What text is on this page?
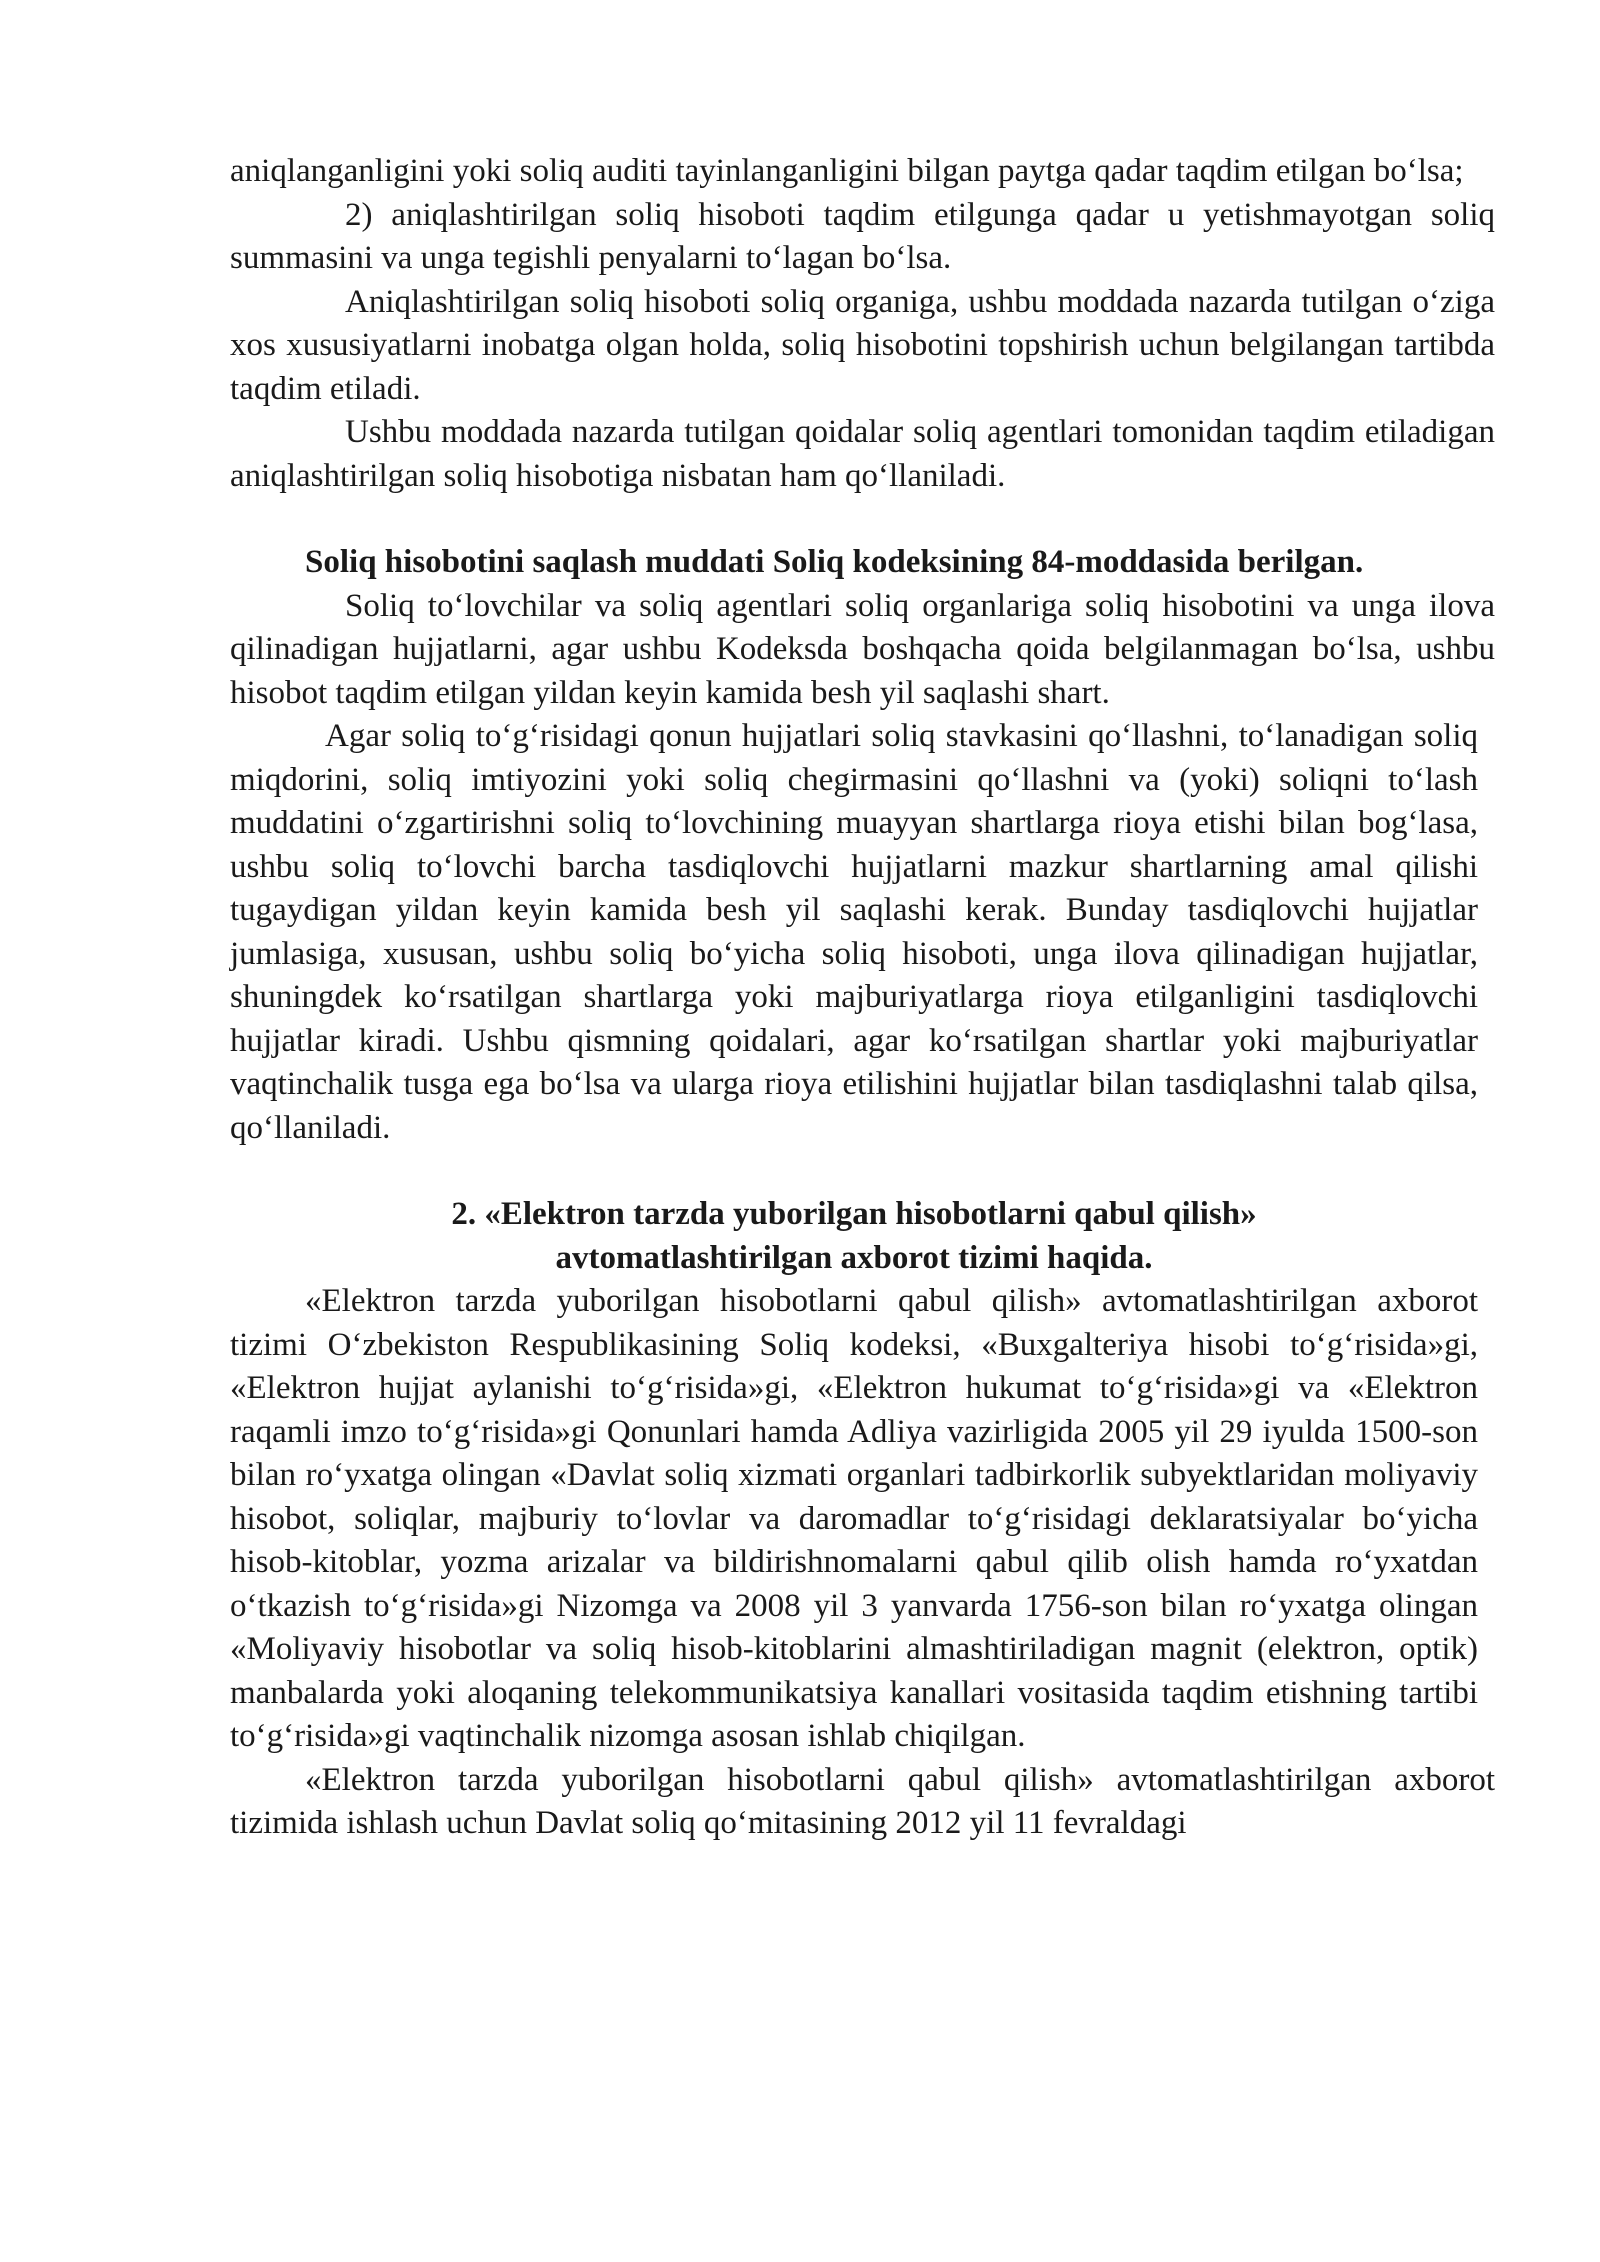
aniqlanganligini yoki soliq auditi tayinlanganligini bilgan paytga qadar taqdim etilgan bo‘lsa;

2) aniqlashtirilgan soliq hisoboti taqdim etilgunga qadar u yetishmayotgan soliq summasini va unga tegishli penyalarni to‘lagan bo‘lsa.

Aniqlashtirilgan soliq hisoboti soliq organiga, ushbu moddada nazarda tutilgan o‘ziga xos xususiyatlarni inobatga olgan holda, soliq hisobotini topshirish uchun belgilangan tartibda taqdim etiladi.

Ushbu moddada nazarda tutilgan qoidalar soliq agentlari tomonidan taqdim etiladigan aniqlashtirilgan soliq hisobotiga nisbatan ham qo‘llaniladi.

Soliq hisobotini saqlash muddati Soliq kodeksining 84-moddasida berilgan.

Soliq to‘lovchilar va soliq agentlari soliq organlariga soliq hisobotini va unga ilova qilinadigan hujjatlarni, agar ushbu Kodeksda boshqacha qoida belgilanmagan bo‘lsa, ushbu hisobot taqdim etilgan yildan keyin kamida besh yil saqlashi shart.

Agar soliq to‘g‘risidagi qonun hujjatlari soliq stavkasini qo‘llashni, to‘lanadigan soliq miqdorini, soliq imtiyozini yoki soliq chegirmasini qo‘llashni va (yoki) soliqni to‘lash muddatini o‘zgartirishni soliq to‘lovchining muayyan shartlarga rioya etishi bilan bog‘lasa, ushbu soliq to‘lovchi barcha tasdiqlovchi hujjatlarni mazkur shartlarning amal qilishi tugaydigan yildan keyin kamida besh yil saqlashi kerak. Bunday tasdiqlovchi hujjatlar jumlasiga, xususan, ushbu soliq bo‘yicha soliq hisoboti, unga ilova qilinadigan hujjatlar, shuningdek ko‘rsatilgan shartlarga yoki majburiyatlarga rioya etilganligini tasdiqlovchi hujjatlar kiradi. Ushbu qismning qoidalari, agar ko‘rsatilgan shartlar yoki majburiyatlar vaqtinchalik tusga ega bo‘lsa va ularga rioya etilishini hujjatlar bilan tasdiqlashni talab qilsa, qo‘llaniladi.

2. «Elektron tarzda yuborilgan hisobotlarni qabul qilish»

avtomatlashtirilgan axborot tizimi haqida.

«Elektron tarzda yuborilgan hisobotlarni qabul qilish» avtomatlashtirilgan axborot tizimi O‘zbekiston Respublikasining Soliq kodeksi, «Buxgalteriya hisobi to‘g‘risida»gi, «Elektron hujjat aylanishi to‘g‘risida»gi, «Elektron hukumat to‘g‘risida»gi va «Elektron raqamli imzo to‘g‘risida»gi Qonunlari hamda Adliya vazirligida 2005 yil 29 iyulda 1500-son bilan ro‘yxatga olingan «Davlat soliq xizmati organlari tadbirkorlik subyektlaridan moliyaviy hisobot, soliqlar, majburiy to‘lovlar va daromadlar to‘g‘risidagi deklaratsiyalar bo‘yicha hisob-kitoblar, yozma arizalar va bildirishnomalarni qabul qilib olish hamda ro‘yxatdan o‘tkazish to‘g‘risida»gi Nizomga va 2008 yil 3 yanvarda 1756-son bilan ro‘yxatga olingan «Moliyaviy hisobotlar va soliq hisob-kitoblarini almashtiriladigan magnit (elektron, optik) manbalarda yoki aloqaning telekommunikatsiya kanallari vositasida taqdim etishning tartibi to‘g‘risida»gi vaqtinchalik nizomga asosan ishlab chiqilgan.

«Elektron tarzda yuborilgan hisobotlarni qabul qilish» avtomatlashtirilgan axborot tizimida ishlash uchun Davlat soliq qo‘mitasining 2012 yil 11 fevraldagi
